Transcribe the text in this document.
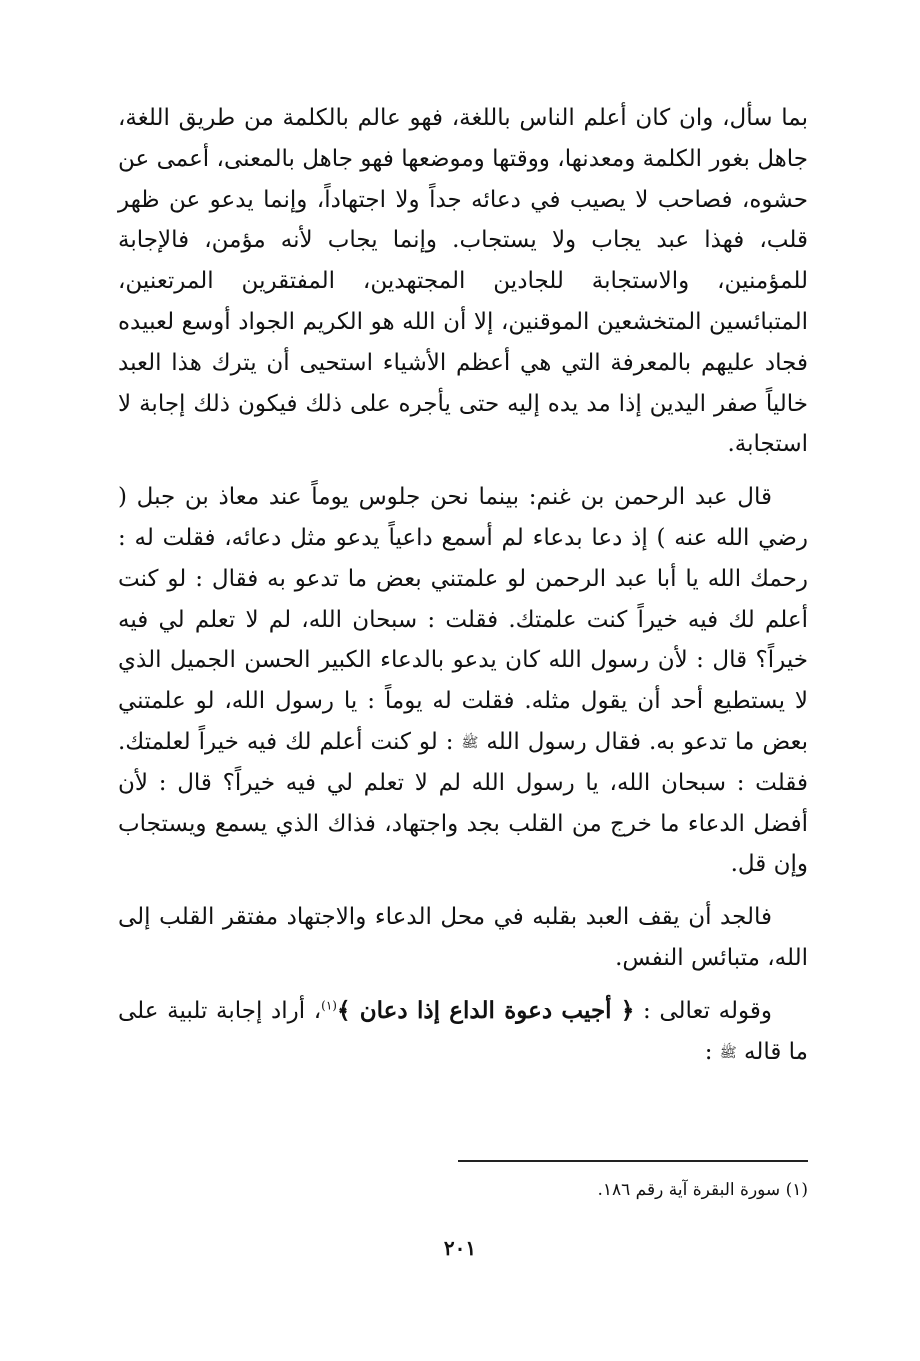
بما سأل، وان كان أعلم الناس باللغة، فهو عالم بالكلمة من طريق اللغة، جاهل بغور الكلمة ومعدنها، ووقتها وموضعها فهو جاهل بالمعنى، أعمى عن حشوه، فصاحب لا يصيب في دعائه جداً ولا اجتهاداً، وإنما يدعو عن ظهر قلب، فهذا عبد يجاب ولا يستجاب. وإنما يجاب لأنه مؤمن، فالإجابة للمؤمنين، والاستجابة للجادين المجتهدين، المفتقرين المرتعنين، المتبائسين المتخشعين الموقنين، إلا أن الله هو الكريم الجواد أوسع لعبيده فجاد عليهم بالمعرفة التي هي أعظم الأشياء استحيى أن يترك هذا العبد خالياً صفر اليدين إذا مد يده إليه حتى يأجره على ذلك فيكون ذلك إجابة لا استجابة.

قال عبد الرحمن بن غنم: بينما نحن جلوس يوماً عند معاذ بن جبل ( رضي الله عنه ) إذ دعا بدعاء لم أسمع داعياً يدعو مثل دعائه، فقلت له : رحمك الله يا أبا عبد الرحمن لو علمتني بعض ما تدعو به فقال : لو كنت أعلم لك فيه خيراً كنت علمتك. فقلت : سبحان الله، لم لا تعلم لي فيه خيراً؟ قال : لأن رسول الله كان يدعو بالدعاء الكبير الحسن الجميل الذي لا يستطيع أحد أن يقول مثله. فقلت له يوماً : يا رسول الله، لو علمتني بعض ما تدعو به. فقال رسول الله ﷺ : لو كنت أعلم لك فيه خيراً لعلمتك. فقلت : سبحان الله، يا رسول الله لم لا تعلم لي فيه خيراً؟ قال : لأن أفضل الدعاء ما خرج من القلب بجد واجتهاد، فذاك الذي يسمع ويستجاب وإن قل.

فالجد أن يقف العبد بقلبه في محل الدعاء والاجتهاد مفتقر القلب إلى الله، متبائس النفس.

وقوله تعالى : ﴿ أجيب دعوة الداع إذا دعان ﴾$^{(١)}$، أراد إجابة تلبية على ما قاله ﷺ :

(١) سورة البقرة آية رقم ١٨٦.
٢٠١
